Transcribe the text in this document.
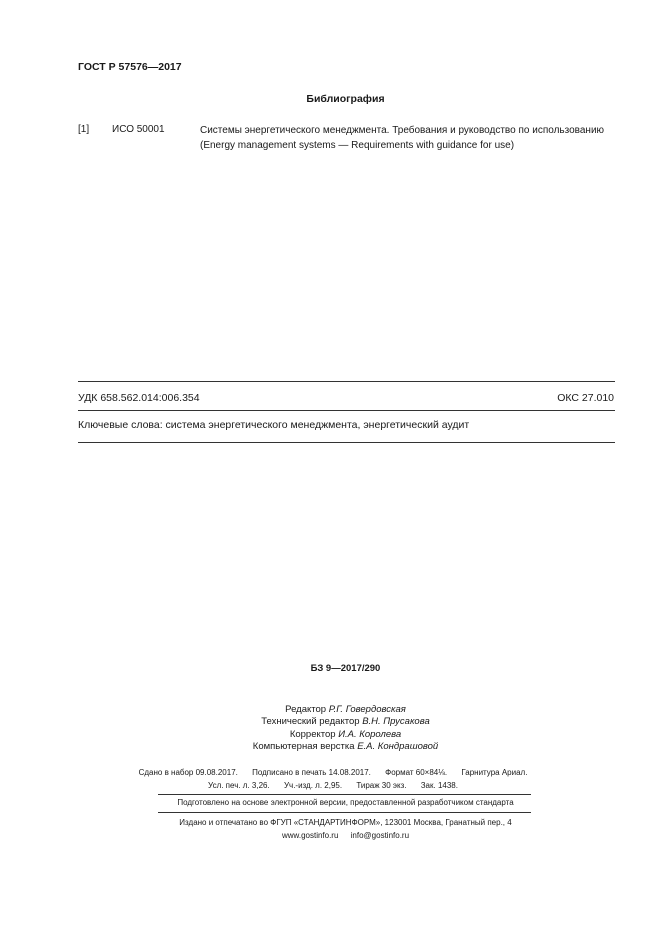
ГОСТ Р 57576—2017
Библиография
[1] ИСО 50001	Системы энергетического менеджмента. Требования и руководство по использованию
(Energy management systems — Requirements with guidance for use)
УДК 658.562.014:006.354	ОКС 27.010
Ключевые слова: система энергетического менеджмента, энергетический аудит
БЗ 9—2017/290
Редактор Р.Г. Говердовская
Технический редактор В.Н. Прусакова
Корректор И.А. Королева
Компьютерная верстка Е.А. Кондрашовой
Сдано в набор 09.08.2017. Подписано в печать 14.08.2017. Формат 60×84⅛. Гарнитура Ариал.
Усл. печ. л. 3,26. Уч.-изд. л. 2,95. Тираж 30 экз. Зак. 1438.
Подготовлено на основе электронной версии, предоставленной разработчиком стандарта
Издано и отпечатано во ФГУП «СТАНДАРТИНФОРМ», 123001 Москва, Гранатный пер., 4
www.gostinfo.ru info@gostinfo.ru
